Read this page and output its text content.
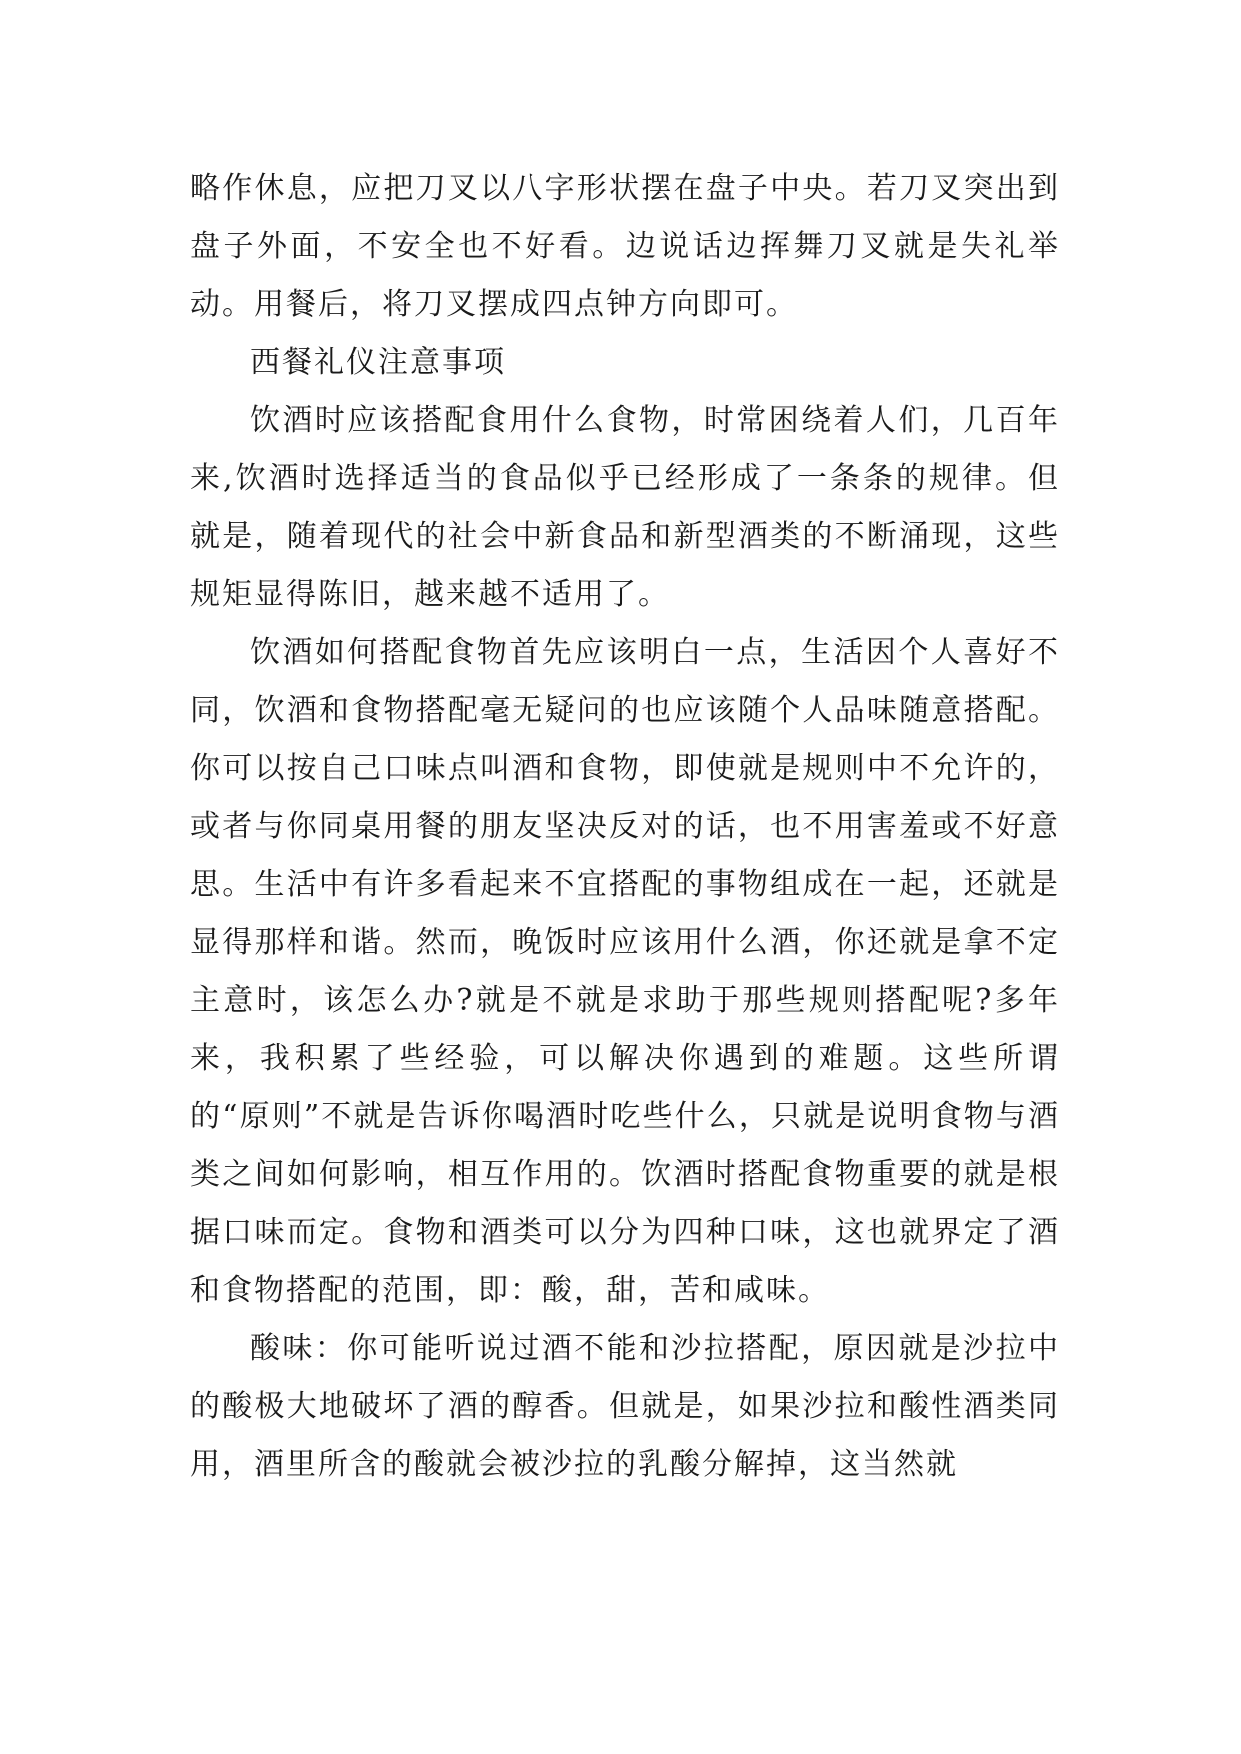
略作休息，应把刀叉以八字形状摆在盘子中央。若刀叉突出到盘子外面，不安全也不好看。边说话边挥舞刀叉就是失礼举动。用餐后，将刀叉摆成四点钟方向即可。

西餐礼仪注意事项

饮酒时应该搭配食用什么食物，时常困绕着人们，几百年来,饮酒时选择适当的食品似乎已经形成了一条条的规律。但就是，随着现代的社会中新食品和新型酒类的不断涌现，这些规矩显得陈旧，越来越不适用了。

饮酒如何搭配食物首先应该明白一点，生活因个人喜好不同，饮酒和食物搭配毫无疑问的也应该随个人品味随意搭配。你可以按自己口味点叫酒和食物，即使就是规则中不允许的，或者与你同桌用餐的朋友坚决反对的话，也不用害羞或不好意思。生活中有许多看起来不宜搭配的事物组成在一起，还就是显得那样和谐。然而，晚饭时应该用什么酒，你还就是拿不定主意时，该怎么办?就是不就是求助于那些规则搭配呢?多年来，我积累了些经验，可以解决你遇到的难题。这些所谓的“原则”不就是告诉你喝酒时吃些什么，只就是说明食物与酒类之间如何影响，相互作用的。饮酒时搭配食物重要的就是根据口味而定。食物和酒类可以分为四种口味，这也就界定了酒和食物搭配的范围，即：酸，甜，苦和咸味。

酸味：你可能听说过酒不能和沙拉搭配，原因就是沙拉中的酸极大地破坏了酒的醇香。但就是，如果沙拉和酸性酒类同用，酒里所含的酸就会被沙拉的乳酸分解掉，这当然就
